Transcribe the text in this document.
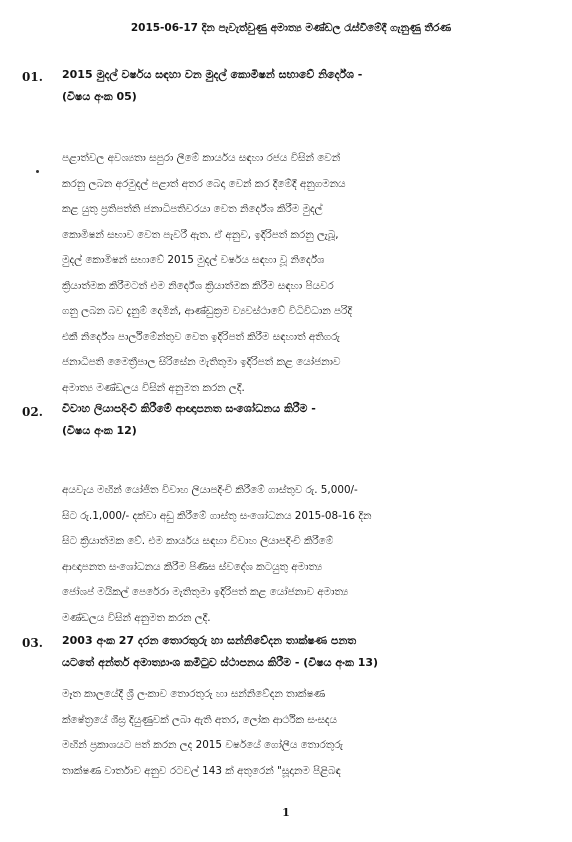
2015-06-17 දින පැවැත්වුණු අමාත්‍ය මණ්ඩල රැස්වීමේදී ගැනුණු තීරණ
01. 2015 මුදල් වර්ෂය සඳහා වන මුදල් කොමිෂන් සභාවේ නිර්දේශ -
(විෂය අංක 05)
පළාත්වල අවශ්‍යතා සපුරා ලීමේ කාර්යය සඳහා රජය විසින් වෙන්
කරනු ලබන අරමුදල් පළාත් අතර බෙදා වෙන් කර දීමේදී අනුගමනය
කළ යුතු ප්‍රතිපත්ති ජනාධිපතිවරයා වෙත නිර්දේශ කිරීම මුදල්
කොමිෂන් සභාව වෙත පැවරී ඇත. ඒ අනුව, ඉදිරිපත් කරනු ලැබූ,
මුදල් කොමිෂන් සභාවේ 2015 මුදල් වර්ෂය සඳහා වූ නිර්දේශ
ක්‍රියාත්මක කිරීමටත් එම නිර්දේශ ක්‍රියාත්මක කිරීම සඳහා පියවර
ගනු ලබන බව දැනුම් දෙමින්, ආණ්ඩුක්‍රම ව්‍යවස්ථාවේ විධිවිධාන පරිදි
එකී නිර්දේශ පාර්ලිමේන්තුව වෙත ඉදිරිපත් කිරීම සඳහාත් අතිගරු
ජනාධිපති මෛත්‍රීපාල සිරිසේන මැතිතුමා ඉදිරිපත් කළ යෝජනාව
අමාත්‍ය මණ්ඩලය විසින් අනුමත කරන ලදී.
02. විවාහ ලියාපදිංචි කිරීමේ ආඥාපනත සංශෝධනය කිරීම -
(විෂය අංක 12)
අයවැය මඟින් යෝජිත විවාහ ලියාපදිංචි කිරීමේ ගාස්තුව රු. 5,000/-
සිට රු.1,000/- දක්වා අඩු කිරීමේ ගාස්තු සංශෝධනය 2015-08-16 දින
සිට ක්‍රියාත්මක වේ. එම කාර්යය සඳහා විවාහ ලියාපදිංචි කිරීමේ
ආඥාපනත සංශෝධනය කිරීම පිණිස ස්වදේශ කටයුතු අමාත්‍ය
ජෝශප් මයිකල් පෙරේරා මැතිතුමා ඉදිරිපත් කළ යෝජනාව අමාත්‍ය
මණ්ඩලය විසින් අනුමත කරන ලදී.
03. 2003 අංක 27 දරන තොරතුරු හා සන්නිවේදන තාක්ෂණ පනත
යටතේ අන්තර් අමාත්‍යාංශ කමිටුව ස්ථාපනය කිරීම - (විෂය අංක 13)
මෑත කාලයේදී ශ්‍රී ලංකාව තොරතුරු හා සන්නිවේදන තාක්ෂණ
ක්ෂේත්‍රයේ ශීඝ්‍ර දියුණුවක් ලබා ඇති අතර, ලෝක ආර්ථික සංසදය
මඟින් ප්‍රකාශයට පත් කරන ලද 2015 වර්ෂයේ ගෝලීය තොරතුරු
තාක්ෂණ වාර්තාව අනුව රටවල් 143 ක් අතුරෙන් "සූදානම පිළිබඳ
1
